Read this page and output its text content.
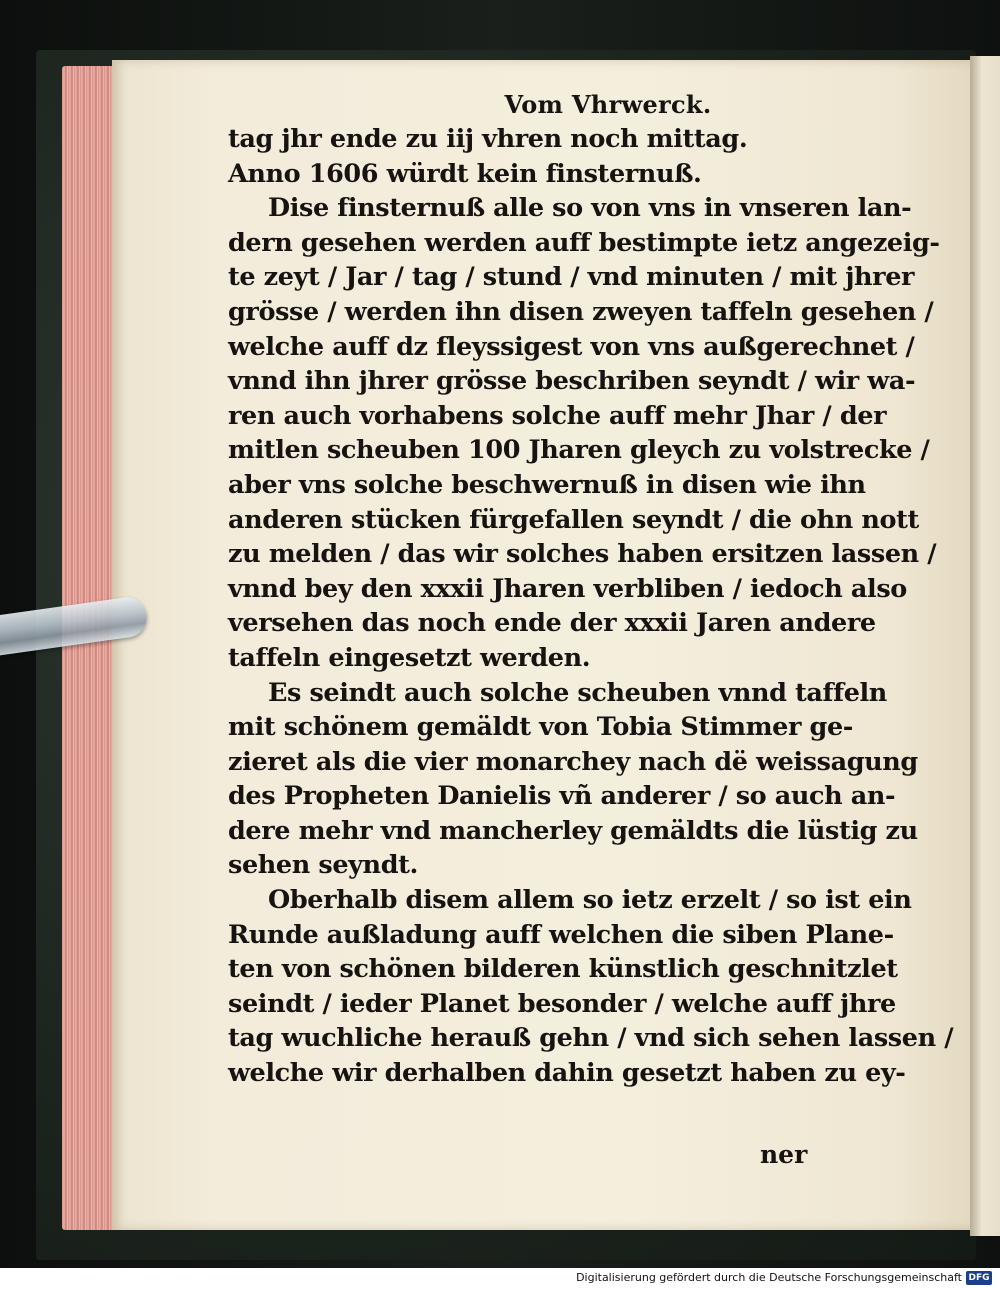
Vom Vhrwerck.
tag jhr ende zu iij vhren noch mittag.
Anno 1606 würdt kein finsternuß.
Dise finsternuß alle so von vns in vnseren lan-
dern gesehen werden auff bestimpte ietz angezeig-
te zeyt / Jar / tag / stund / vnd minuten / mit jhrer
grösse / werden ihn disen zweyen taffeln gesehen /
welche auff dz fleyssigest von vns außgerechnet /
vnnd ihn jhrer grösse beschriben seyndt / wir wa-
ren auch vorhabens solche auff mehr Jhar / der
mitlen scheuben 100 Jharen gleych zu volstrecke /
aber vns solche beschwernuß in disen wie ihn
anderen stücken fürgefallen seyndt / die ohn nott
zu melden / das wir solches haben ersitzen lassen /
vnnd bey den xxxii Jharen verbliben / iedoch also
versehen das noch ende der xxxii Jaren andere
taffeln eingesetzt werden.
Es seindt auch solche scheuben vnnd taffeln
mit schönem gemäldt von Tobia Stimmer ge-
zieret als die vier monarchey nach dë weissagung
des Propheten Danielis vñ anderer / so auch an-
dere mehr vnd mancherley gemäldts die lüstig zu
sehen seyndt.
Oberhalb disem allem so ietz erzelt / so ist ein
Runde außladung auff welchen die siben Plane-
ten von schönen bilderen künstlich geschnitzlet
seindt / ieder Planet besonder / welche auff jhre
tag wuchliche herauß gehn / vnd sich sehen lassen /
welche wir derhalben dahin gesetzt haben zu ey-
ner
Digitalisierung gefördert durch die Deutsche Forschungsgemeinschaft DFG
